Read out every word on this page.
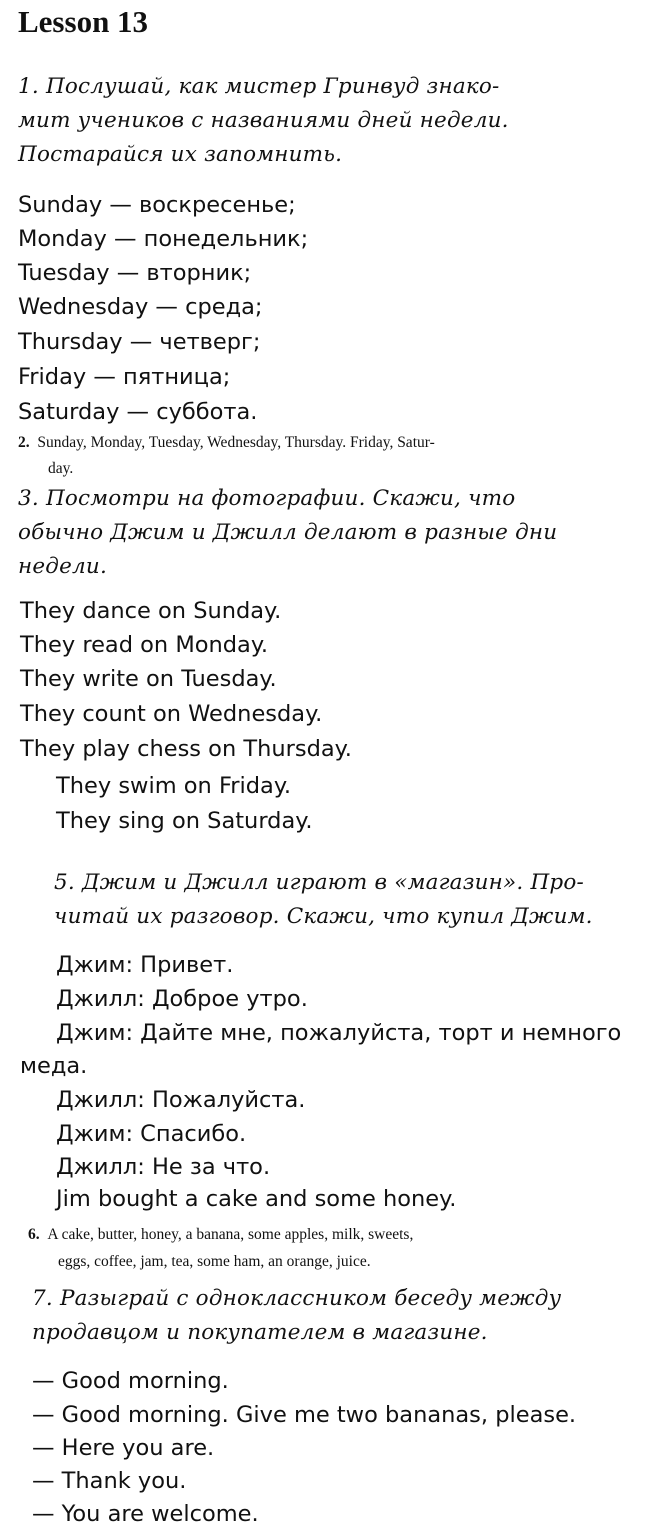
Lesson 13
1. Послушай, как мистер Гринвуд знако-
мит учеников с названиями дней недели.
Постарайся их запомнить.
Sunday — воскресенье;
Monday — понедельник;
Tuesday — вторник;
Wednesday — среда;
Thursday — четверг;
Friday — пятница;
Saturday — суббота.
2. Sunday, Monday, Tuesday, Wednesday, Thursday. Friday, Satur-
day.
3. Посмотри на фотографии. Скажи, что
обычно Джим и Джилл делают в разные дни
недели.
They dance on Sunday.
They read on Monday.
They write on Tuesday.
They count on Wednesday.
They play chess on Thursday.
They swim on Friday.
They sing on Saturday.
5. Джим и Джилл играют в «магазин». Про-
читай их разговор. Скажи, что купил Джим.
Джим: Привет.
Джилл: Доброе утро.
Джим: Дайте мне, пожалуйста, торт и немного
меда.
Джилл: Пожалуйста.
Джим: Спасибо.
Джилл: Не за что.
Jim bought a cake and some honey.
6. A cake, butter, honey, a banana, some apples, milk, sweets,
eggs, coffee, jam, tea, some ham, an orange, juice.
7. Разыграй с одноклассником беседу между
продавцом и покупателем в магазине.
— Good morning.
— Good morning. Give me two bananas, please.
— Here you are.
— Thank you.
— You are welcome.
